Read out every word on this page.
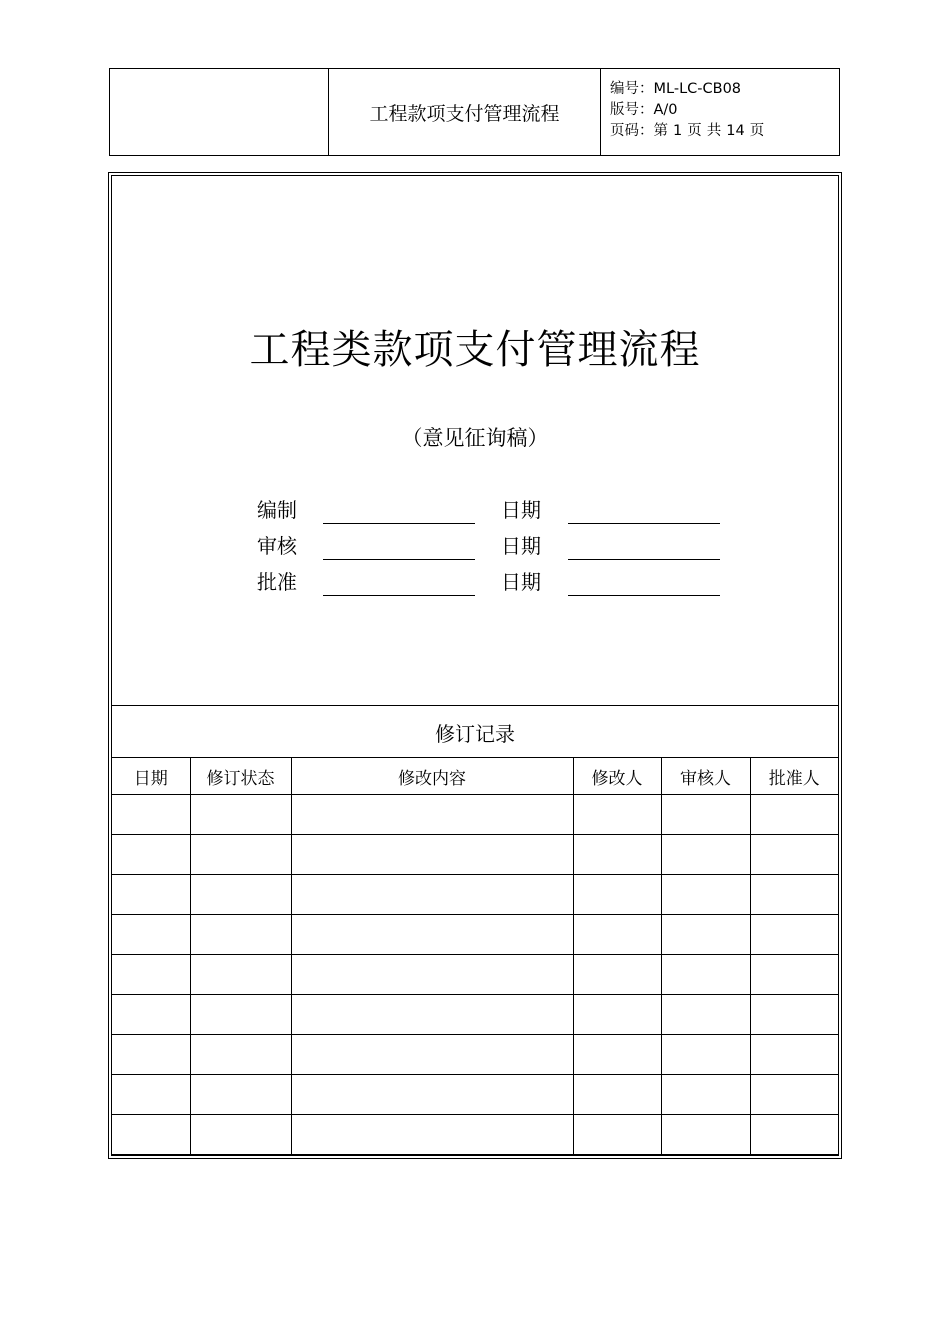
工程款项支付管理流程
编号：ML-LC-CB08
版号：A/0
页码：第 1 页 共 14 页
工程类款项支付管理流程
（意见征询稿）
编制	日期
审核	日期
批准	日期
修订记录
日期	修订状态	修改内容	修改人	审核人	批准人
